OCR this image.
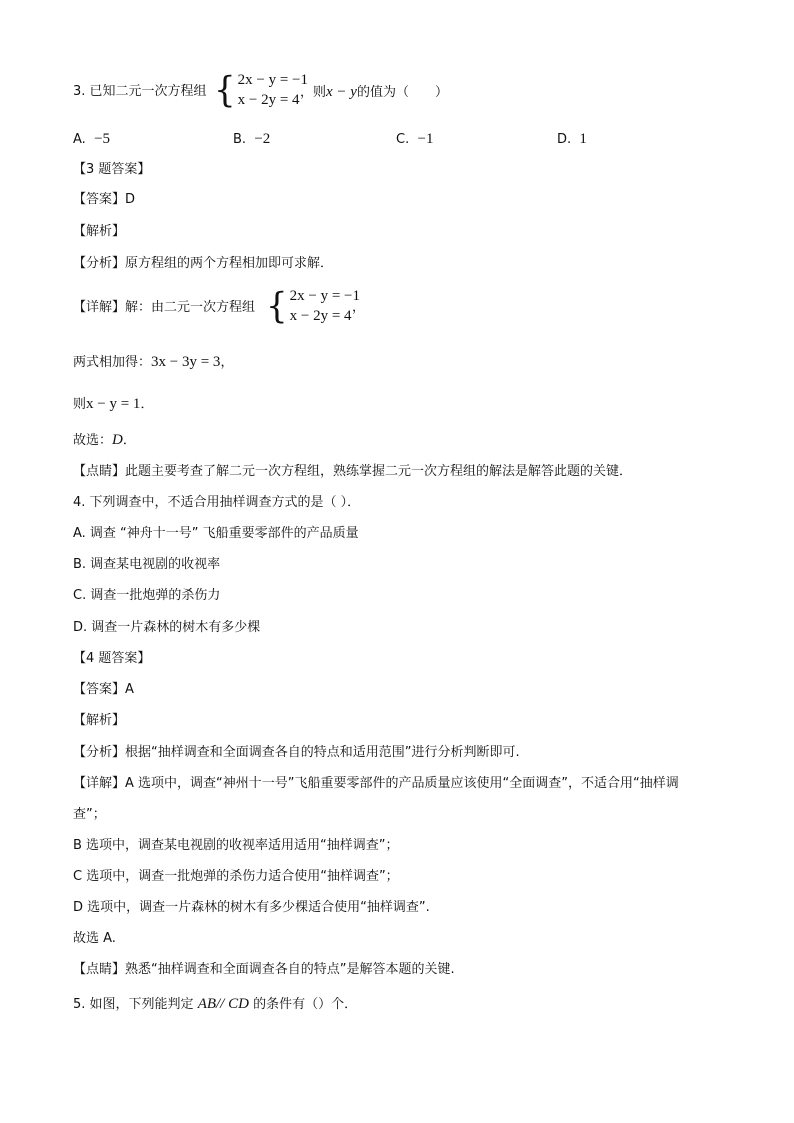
3. 已知二元一次方程组 { 2x − y = −1
x − 2y = 4 ，则x − y的值为（　　）
A. −5	B. −2	C. −1	D. 1
【3 题答案】
【答案】D
【解析】
【分析】原方程组的两个方程相加即可求解．
【详解】解：由二元一次方程组 { 2x − y = −1
x − 2y = 4
，
两式相加得：3x − 3y = 3，
则x − y = 1．
故选：D．
【点睛】此题主要考查了解二元一次方程组，熟练掌握二元一次方程组的解法是解答此题的关键．
4. 下列调查中，不适合用抽样调查方式的是（ ）．
A. 调查 “神舟十一号” 飞船重要零部件的产品质量
B. 调查某电视剧的收视率
C. 调查一批炮弹的杀伤力
D. 调查一片森林的树木有多少棵
【4 题答案】
【答案】A
【解析】
【分析】根据“抽样调查和全面调查各自的特点和适用范围”进行分析判断即可.
【详解】A 选项中，调查“神州十一号”飞船重要零部件的产品质量应该使用“全面调查”，不适合用“抽样调
查”；
B 选项中，调查某电视剧的收视率适用适用“抽样调查”；
C 选项中，调查一批炮弹的杀伤力适合使用“抽样调查”；
D 选项中，调查一片森林的树木有多少棵适合使用“抽样调查”.
故选 A.
【点睛】熟悉“抽样调查和全面调查各自的特点”是解答本题的关键.
5. 如图，下列能判定 AB// CD 的条件有（）个．
